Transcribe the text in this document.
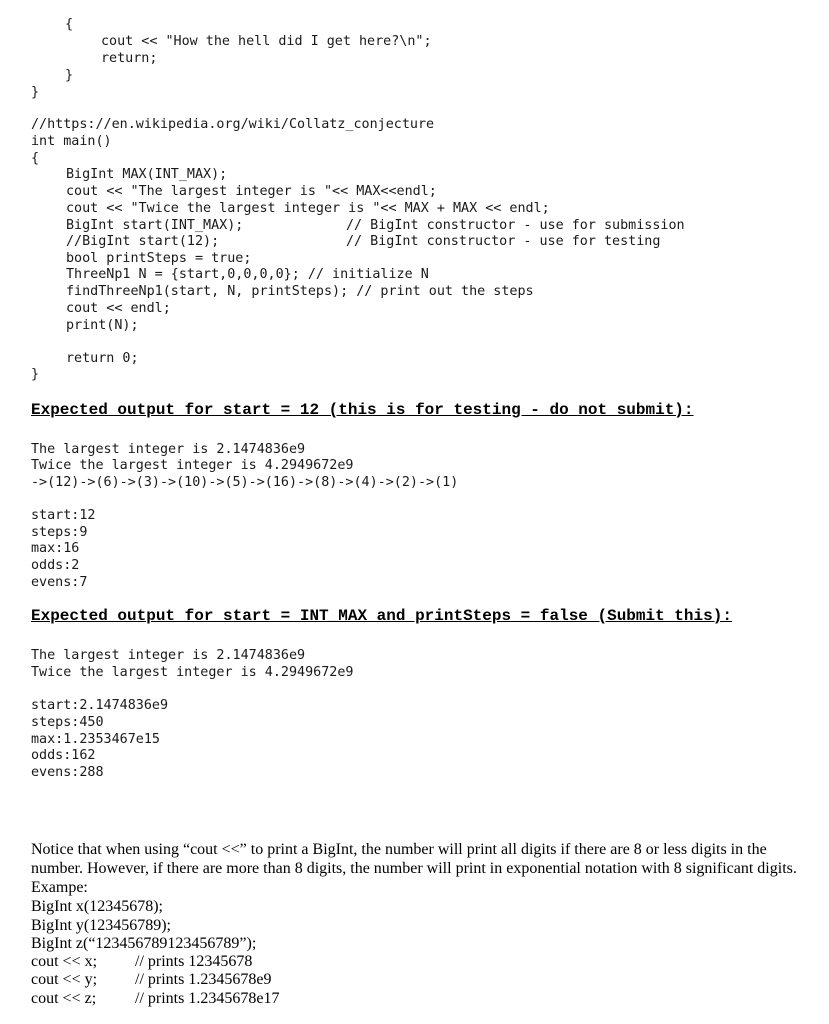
{
cout << "How the hell did I get here?\n";
return;
}
}
//https://en.wikipedia.org/wiki/Collatz_conjecture
int main()
{
BigInt MAX(INT_MAX);
cout << "The largest integer is "<< MAX<<endl;
cout << "Twice the largest integer is "<< MAX + MAX << endl;
BigInt start(INT_MAX);	// BigInt constructor - use for submission
//BigInt start(12);	// BigInt constructor - use for testing
bool printSteps = true;
ThreeNp1 N = {start,0,0,0,0}; // initialize N
findThreeNp1(start, N, printSteps); // print out the steps
cout << endl;
print(N);
return 0;
}
Expected output for start = 12 (this is for testing - do not submit):
The largest integer is 2.1474836e9
Twice the largest integer is 4.2949672e9
->(12)->(6)->(3)->(10)->(5)->(16)->(8)->(4)->(2)->(1)
start:12
steps:9
max:16
odds:2
evens:7
Expected output for start = INT_MAX and printSteps = false (Submit this):
The largest integer is 2.1474836e9
Twice the largest integer is 4.2949672e9
start:2.1474836e9
steps:450
max:1.2353467e15
odds:162
evens:288
Notice that when using “cout <<” to print a BigInt, the number will print all digits if there are 8 or less digits in the number. However, if there are more than 8 digits, the number will print in exponential notation with 8 significant digits.
Exampe:
BigInt x(12345678);
BigInt y(123456789);
BigInt z(“123456789123456789”);
cout << x; // prints 12345678
cout << y; // prints 1.2345678e9
cout << z; // prints 1.2345678e17
